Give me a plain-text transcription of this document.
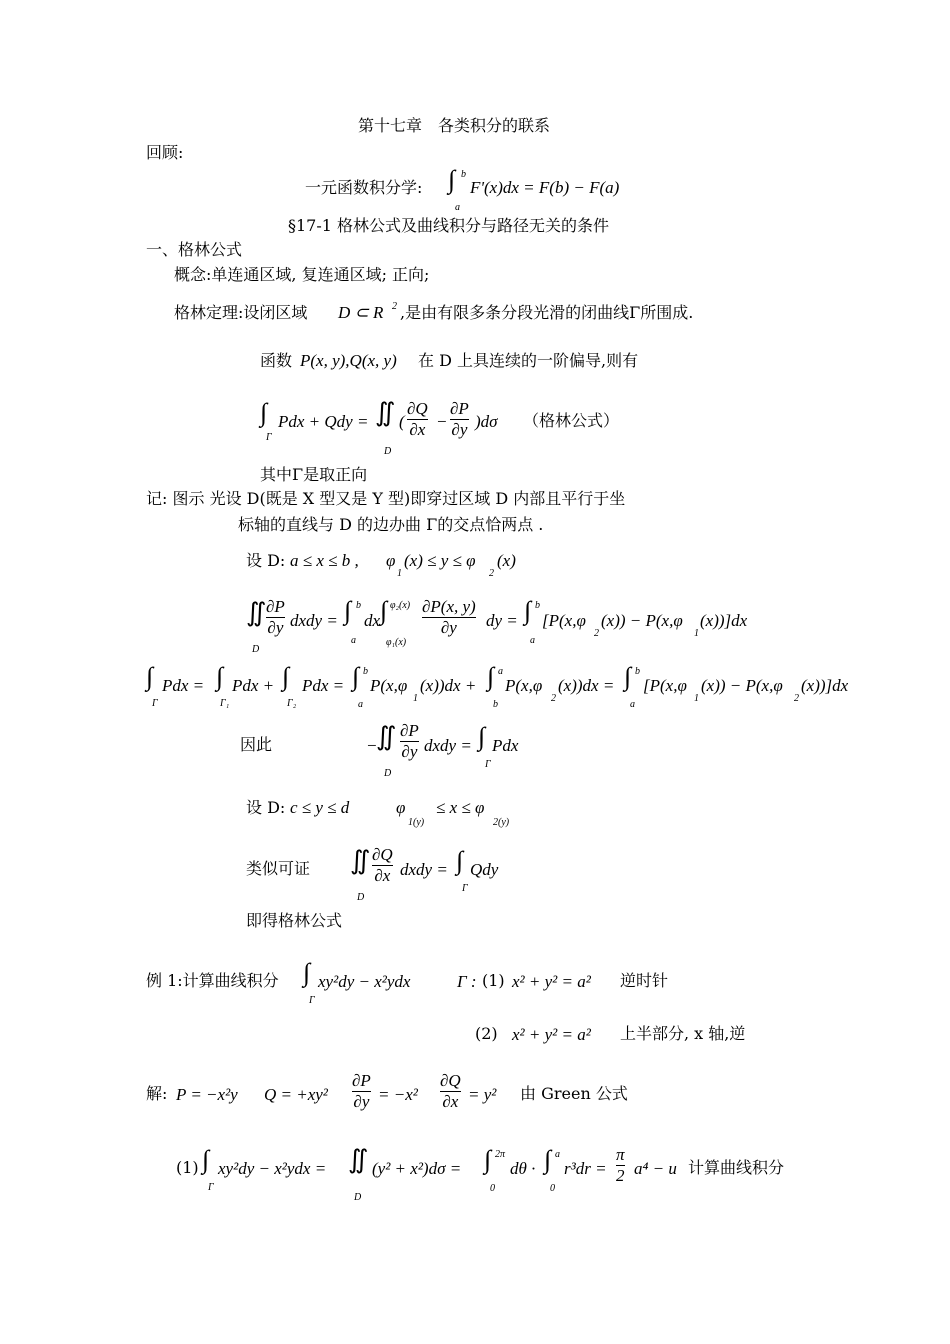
第十七章　各类积分的联系
回顾:
一元函数积分学: ∫ b
a
F'(x)dx = F(b) − F(a)
§17-1 格林公式及曲线积分与路径无关的条件
一、格林公式
概念:单连通区域, 复连通区域; 正向;
格林定理:设闭区域 D ⊂ R 2 ,是由有限多条分段光滑的闭曲线Γ所围成.
函数 P(x, y),Q(x, y) 在 D 上具连续的一阶偏导,则有
∫
Γ
Pdx + Qdy = ∬
D
(
∂Q
∂x −
∂P
∂y )dσ （格林公式）
其中Γ是取正向
记: 图示 光设 D(既是 X 型又是 Y 型)即穿过区域 D 内部且平行于坐
标轴的直线与 D 的边办曲 Γ的交点恰两点 .
设 D: a ≤ x ≤ b , φ
1
(x) ≤ y ≤ φ
2
(x)
∬
D
∂P
∂y dxdy = ∫ b
a
dx ∫ φ₂(x)
φ₁(x)
∂P(x, y)
∂y dy = ∫ b
a
[P(x,φ
2
(x)) − P(x,φ
1
(x))]dx
∫
Γ
Pdx = ∫
Γ₁
Pdx + ∫
Γ₂
Pdx = ∫ b
a
P(x,φ
1
(x))dx + ∫ a
b
P(x,φ
2
(x))dx = ∫ b
a
[P(x,φ
1
(x)) − P(x,φ
2
(x))]dx
因此	−
∬
D
∂P
∂y dxdy = ∫
Γ
Pdx
设 D: c ≤ y ≤ d	φ
1(y)
≤ x ≤ φ
2(y)
类似可证 ∬
D
∂Q
∂x dxdy = ∫
Γ
Qdy
即得格林公式
例 1:计算曲线积分 ∫
Γ
xy²dy − x²ydx	Γ : (1) x² + y² = a² 逆时针
(2) x² + y² = a² 上半部分, x 轴,逆
解: P = −x²y Q = +xy²
∂P
∂y = −x²
∂Q
∂x = y² 由 Green 公式
(1) ∫
Γ
xy²dy − x²ydx = ∬
D
(y² + x²)dσ = ∫ 2π
0
dθ · ∫ a
0
r³dr =
π
2 a⁴ − u 计算曲线积分
